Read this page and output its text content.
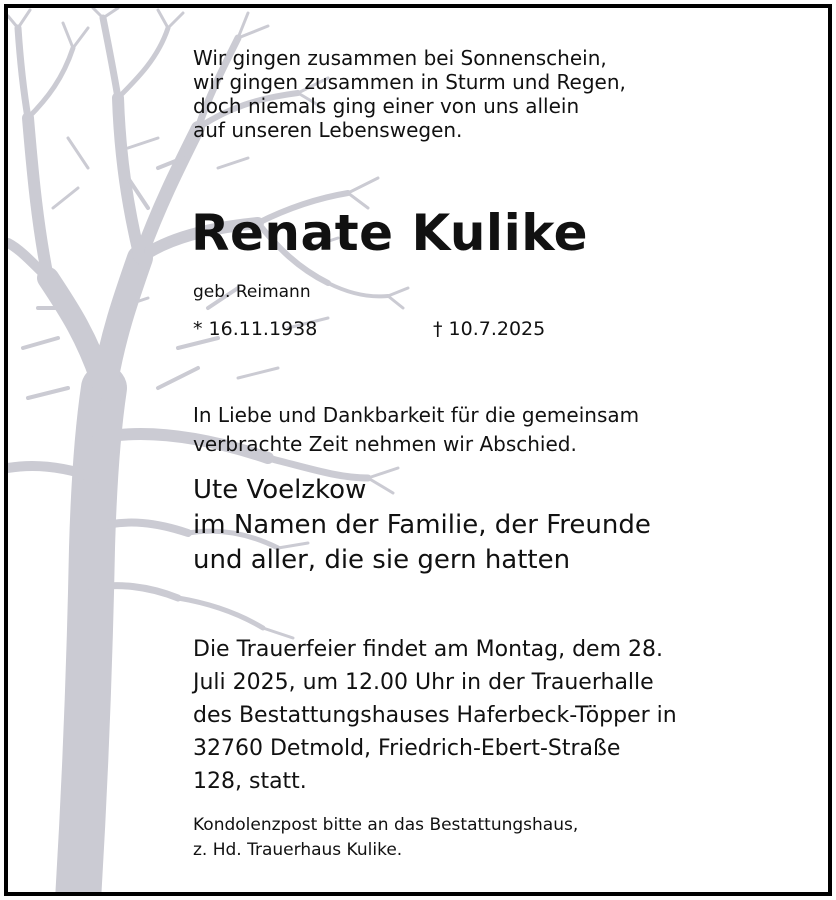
Wir gingen zusammen bei Sonnenschein,
wir gingen zusammen in Sturm und Regen,
doch niemals ging einer von uns allein
auf unseren Lebenswegen.
Renate Kulike
geb. Reimann
* 16.11.1938	† 10.7.2025
In Liebe und Dankbarkeit für die gemeinsam
verbrachte Zeit nehmen wir Abschied.
Ute Voelzkow
im Namen der Familie, der Freunde
und aller, die sie gern hatten
Die Trauerfeier findet am Montag, dem 28.
Juli 2025, um 12.00 Uhr in der Trauerhalle
des Bestattungshauses Haferbeck-Töpper in
32760 Detmold, Friedrich-Ebert-Straße
128, statt.
Kondolenzpost bitte an das Bestattungshaus,
z. Hd. Trauerhaus Kulike.
